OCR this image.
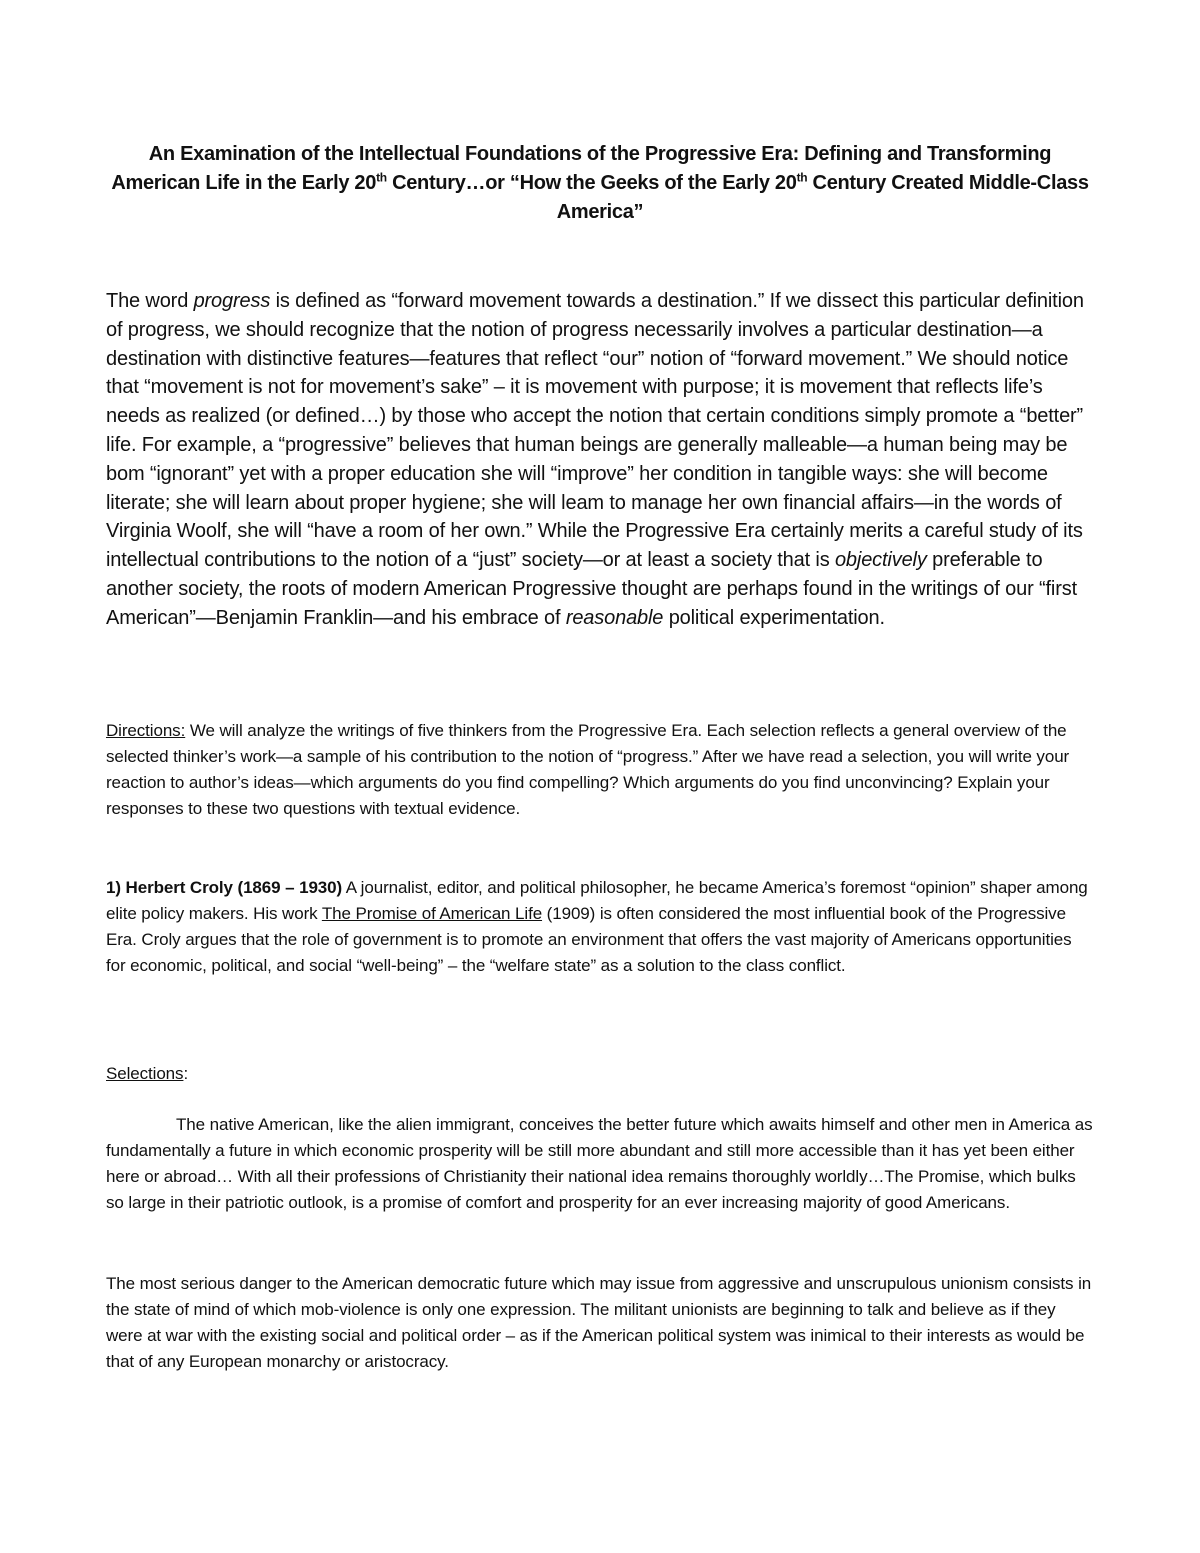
An Examination of the Intellectual Foundations of the Progressive Era: Defining and Transforming American Life in the Early 20th Century…or “How the Geeks of the Early 20th Century Created Middle-Class America”

The word progress is defined as “forward movement towards a destination.” If we dissect this particular definition of progress, we should recognize that the notion of progress necessarily involves a particular destination—a destination with distinctive features—features that reflect “our” notion of “forward movement.” We should notice that “movement is not for movement’s sake” – it is movement with purpose; it is movement that reflects life’s needs as realized (or defined…) by those who accept the notion that certain conditions simply promote a “better” life. For example, a “progressive” believes that human beings are generally malleable—a human being may be bom “ignorant” yet with a proper education she will “improve” her condition in tangible ways: she will become literate; she will learn about proper hygiene; she will leam to manage her own financial affairs—in the words of Virginia Woolf, she will “have a room of her own.” While the Progressive Era certainly merits a careful study of its intellectual contributions to the notion of a “just” society—or at least a society that is objectively preferable to another society, the roots of modern American Progressive thought are perhaps found in the writings of our “first American”—Benjamin Franklin—and his embrace of reasonable political experimentation.

Directions: We will analyze the writings of five thinkers from the Progressive Era. Each selection reflects a general overview of the selected thinker’s work—a sample of his contribution to the notion of “progress.” After we have read a selection, you will write your reaction to author’s ideas—which arguments do you find compelling? Which arguments do you find unconvincing? Explain your responses to these two questions with textual evidence.

1) Herbert Croly (1869 – 1930) A journalist, editor, and political philosopher, he became America’s foremost “opinion” shaper among elite policy makers. His work The Promise of American Life (1909) is often considered the most influential book of the Progressive Era. Croly argues that the role of government is to promote an environment that offers the vast majority of Americans opportunities for economic, political, and social “well-being” – the “welfare state” as a solution to the class conflict.

Selections:

The native American, like the alien immigrant, conceives the better future which awaits himself and other men in America as fundamentally a future in which economic prosperity will be still more abundant and still more accessible than it has yet been either here or abroad… With all their professions of Christianity their national idea remains thoroughly worldly…The Promise, which bulks so large in their patriotic outlook, is a promise of comfort and prosperity for an ever increasing majority of good Americans.

The most serious danger to the American democratic future which may issue from aggressive and unscrupulous unionism consists in the state of mind of which mob-violence is only one expression. The militant unionists are beginning to talk and believe as if they were at war with the existing social and political order – as if the American political system was inimical to their interests as would be that of any European monarchy or aristocracy.
